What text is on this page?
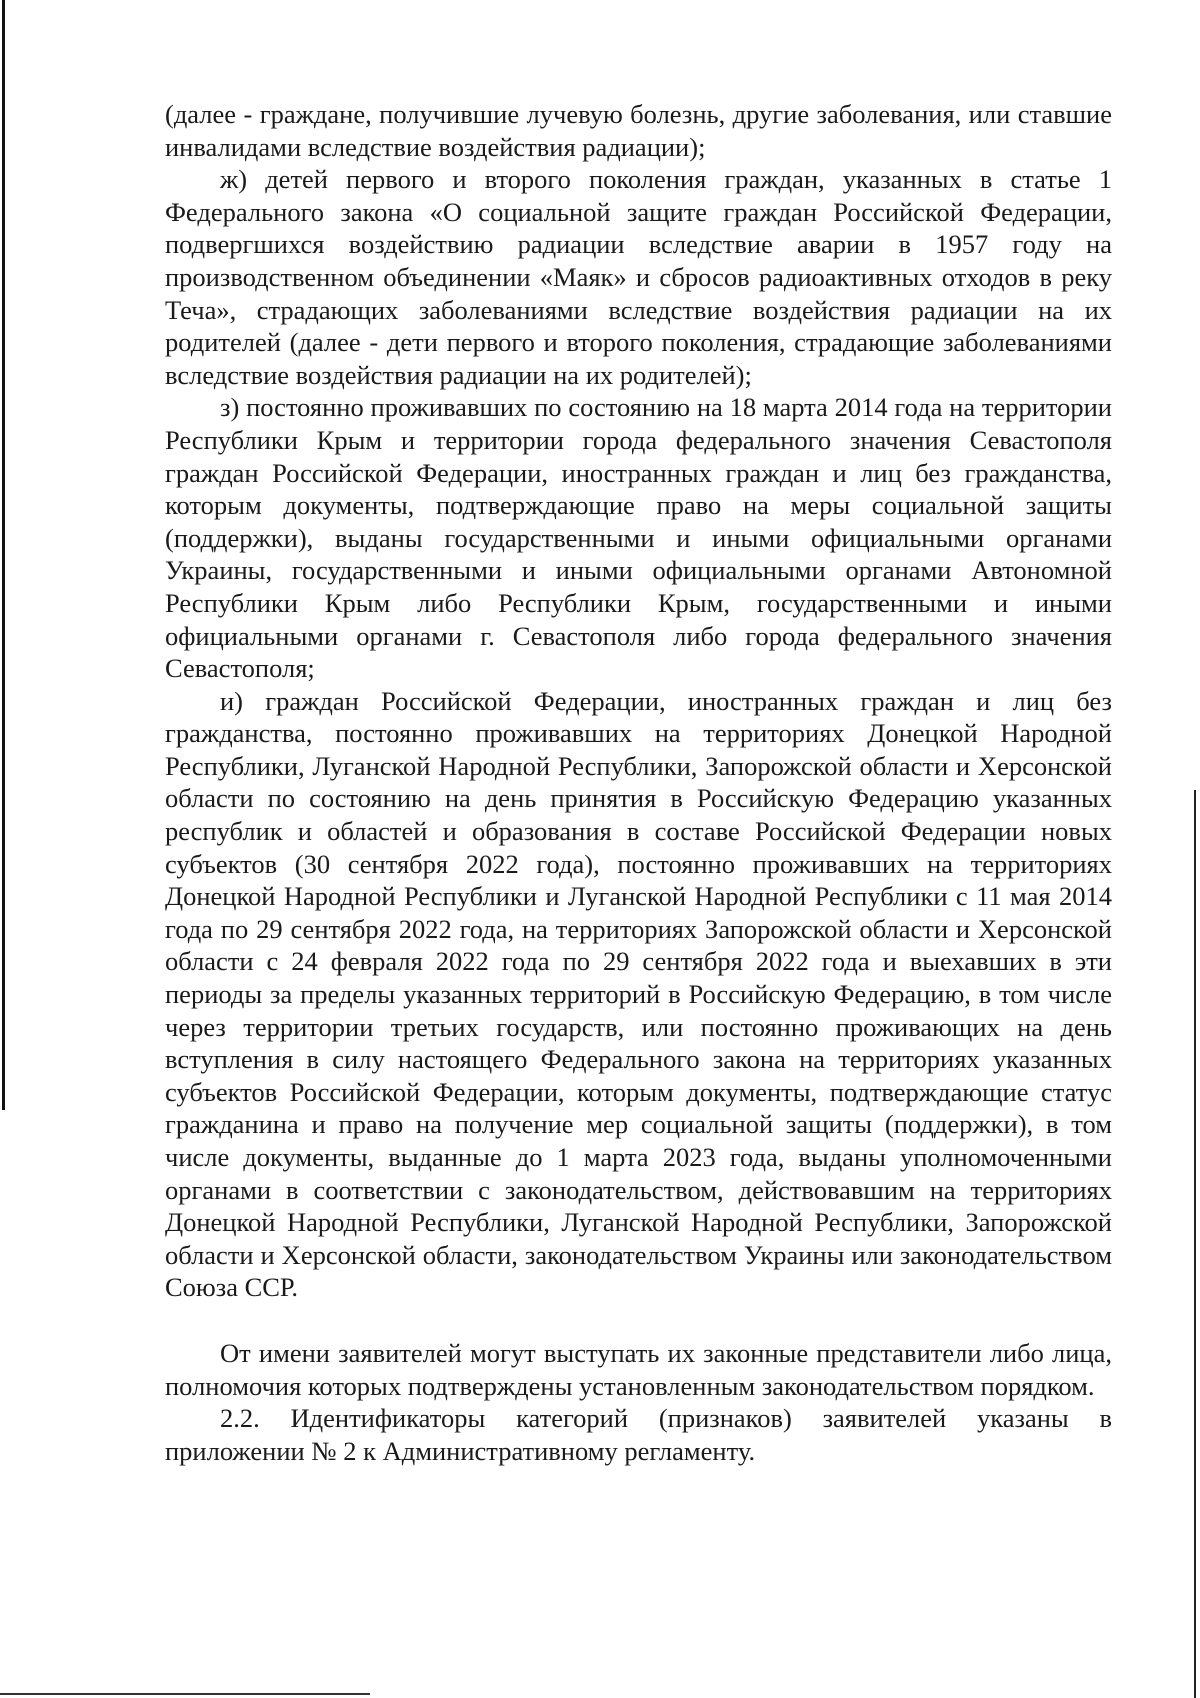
(далее - граждане, получившие лучевую болезнь, другие заболевания, или ставшие инвалидами вследствие воздействия радиации);

ж) детей первого и второго поколения граждан, указанных в статье 1 Федерального закона «О социальной защите граждан Российской Федерации, подвергшихся воздействию радиации вследствие аварии в 1957 году на производственном объединении «Маяк» и сбросов радиоактивных отходов в реку Теча», страдающих заболеваниями вследствие воздействия радиации на их родителей (далее - дети первого и второго поколения, страдающие заболеваниями вследствие воздействия радиации на их родителей);

з) постоянно проживавших по состоянию на 18 марта 2014 года на территории Республики Крым и территории города федерального значения Севастополя граждан Российской Федерации, иностранных граждан и лиц без гражданства, которым документы, подтверждающие право на меры социальной защиты (поддержки), выданы государственными и иными официальными органами Украины, государственными и иными официальными органами Автономной Республики Крым либо Республики Крым, государственными и иными официальными органами г. Севастополя либо города федерального значения Севастополя;

и) граждан Российской Федерации, иностранных граждан и лиц без гражданства, постоянно проживавших на территориях Донецкой Народной Республики, Луганской Народной Республики, Запорожской области и Херсонской области по состоянию на день принятия в Российскую Федерацию указанных республик и областей и образования в составе Российской Федерации новых субъектов (30 сентября 2022 года), постоянно проживавших на территориях Донецкой Народной Республики и Луганской Народной Республики с 11 мая 2014 года по 29 сентября 2022 года, на территориях Запорожской области и Херсонской области с 24 февраля 2022 года по 29 сентября 2022 года и выехавших в эти периоды за пределы указанных территорий в Российскую Федерацию, в том числе через территории третьих государств, или постоянно проживающих на день вступления в силу настоящего Федерального закона на территориях указанных субъектов Российской Федерации, которым документы, подтверждающие статус гражданина и право на получение мер социальной защиты (поддержки), в том числе документы, выданные до 1 марта 2023 года, выданы уполномоченными органами в соответствии с законодательством, действовавшим на территориях Донецкой Народной Республики, Луганской Народной Республики, Запорожской области и Херсонской области, законодательством Украины или законодательством Союза ССР.

От имени заявителей могут выступать их законные представители либо лица, полномочия которых подтверждены установленным законодательством порядком.

2.2. Идентификаторы категорий (признаков) заявителей указаны в приложении № 2 к Административному регламенту.
